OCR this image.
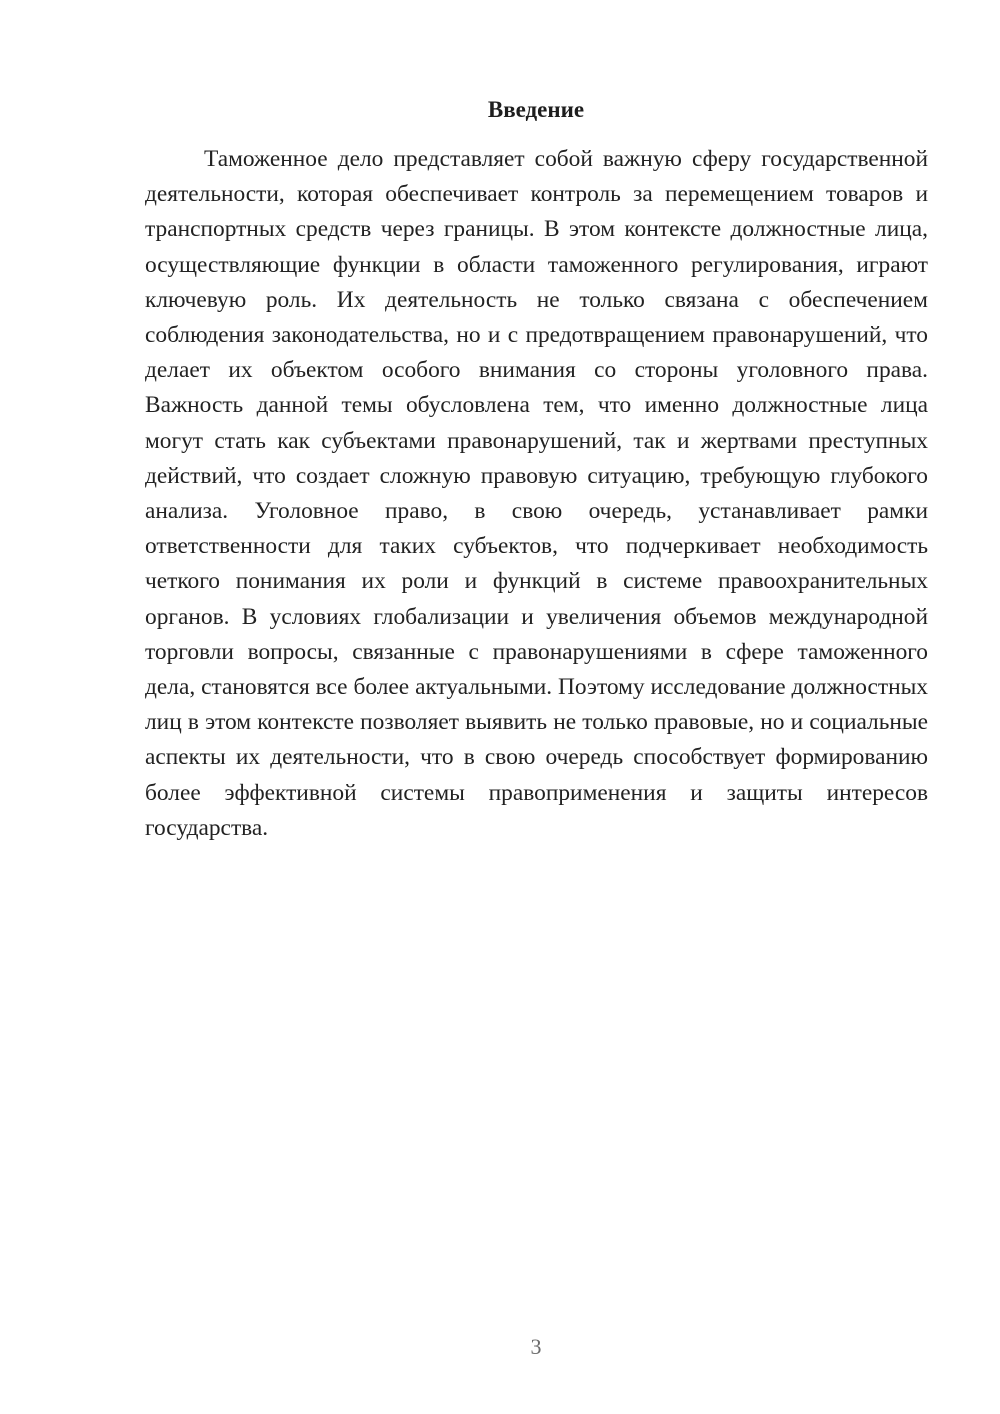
Введение

Таможенное дело представляет собой важную сферу государственной деятельности, которая обеспечивает контроль за перемещением товаров и транспортных средств через границы. В этом контексте должностные лица, осуществляющие функции в области таможенного регулирования, играют ключевую роль. Их деятельность не только связана с обеспечением соблюдения законодательства, но и с предотвращением правонарушений, что делает их объектом особого внимания со стороны уголовного права. Важность данной темы обусловлена тем, что именно должностные лица могут стать как субъектами правонарушений, так и жертвами преступных действий, что создает сложную правовую ситуацию, требующую глубокого анализа. Уголовное право, в свою очередь, устанавливает рамки ответственности для таких субъектов, что подчеркивает необходимость четкого понимания их роли и функций в системе правоохранительных органов. В условиях глобализации и увеличения объемов международной торговли вопросы, связанные с правонарушениями в сфере таможенного дела, становятся все более актуальными. Поэтому исследование должностных лиц в этом контексте позволяет выявить не только правовые, но и социальные аспекты их деятельности, что в свою очередь способствует формированию более эффективной системы правоприменения и защиты интересов государства.

3
